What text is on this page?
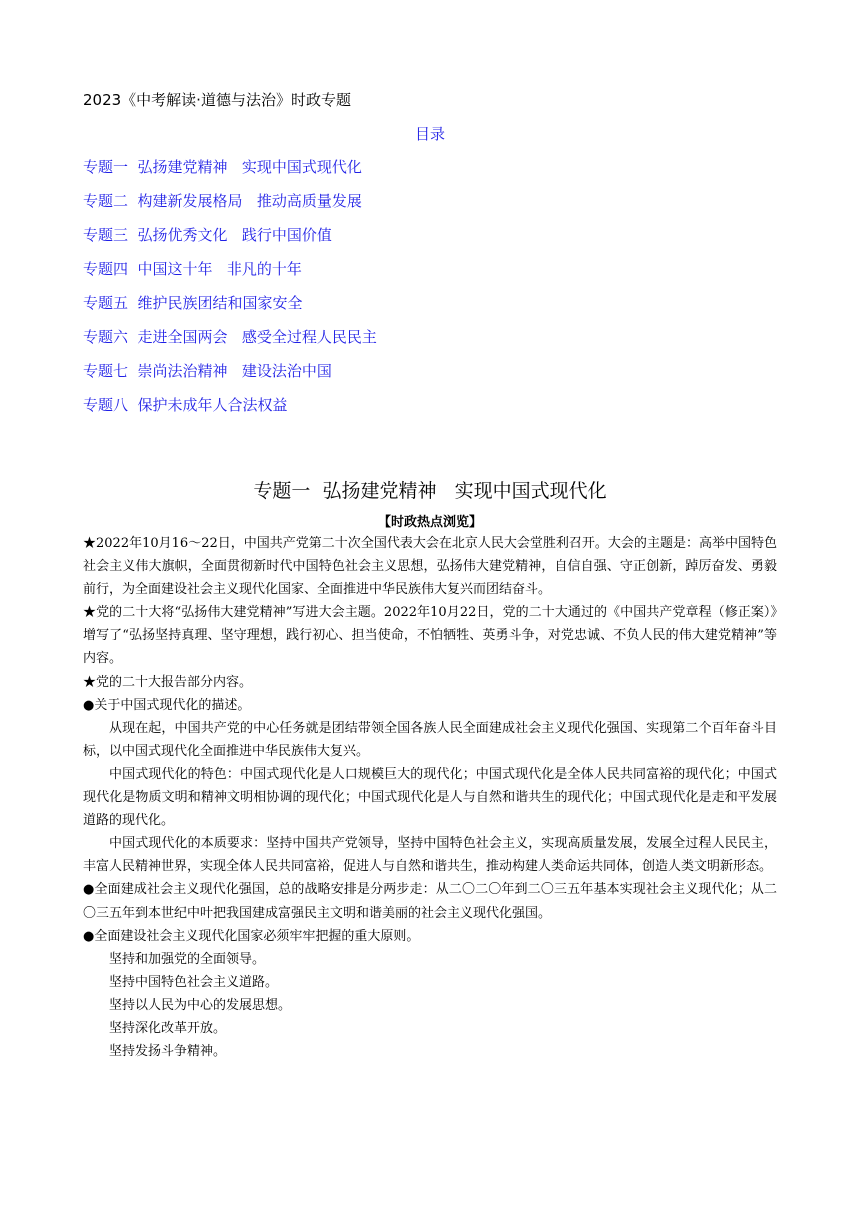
2023《中考解读·道德与法治》时政专题
目录
专题一  弘扬建党精神   实现中国式现代化
专题二  构建新发展格局   推动高质量发展
专题三  弘扬优秀文化   践行中国价值
专题四  中国这十年   非凡的十年
专题五  维护民族团结和国家安全
专题六  走进全国两会   感受全过程人民民主
专题七  崇尚法治精神   建设法治中国
专题八  保护未成年人合法权益
专题一  弘扬建党精神   实现中国式现代化
【时政热点浏览】

★2022年10月16～22日，中国共产党第二十次全国代表大会在北京人民大会堂胜利召开。大会的主题是：高举中国特色社会主义伟大旗帜，全面贯彻新时代中国特色社会主义思想，弘扬伟大建党精神，自信自强、守正创新，踔厉奋发、勇毅前行，为全面建设社会主义现代化国家、全面推进中华民族伟大复兴而团结奋斗。

★党的二十大将“弘扬伟大建党精神”写进大会主题。2022年10月22日，党的二十大通过的《中国共产党章程（修正案）》增写了“弘扬坚持真理、坚守理想，践行初心、担当使命，不怕牺牲、英勇斗争，对党忠诚、不负人民的伟大建党精神”等内容。

★党的二十大报告部分内容。

●关于中国式现代化的描述。

从现在起，中国共产党的中心任务就是团结带领全国各族人民全面建成社会主义现代化强国、实现第二个百年奋斗目标，以中国式现代化全面推进中华民族伟大复兴。

中国式现代化的特色：中国式现代化是人口规模巨大的现代化；中国式现代化是全体人民共同富裕的现代化；中国式现代化是物质文明和精神文明相协调的现代化；中国式现代化是人与自然和谐共生的现代化；中国式现代化是走和平发展道路的现代化。

中国式现代化的本质要求：坚持中国共产党领导，坚持中国特色社会主义，实现高质量发展，发展全过程人民民主，丰富人民精神世界，实现全体人民共同富裕，促进人与自然和谐共生，推动构建人类命运共同体，创造人类文明新形态。

●全面建成社会主义现代化强国，总的战略安排是分两步走：从二〇二〇年到二〇三五年基本实现社会主义现代化；从二〇三五年到本世纪中叶把我国建成富强民主文明和谐美丽的社会主义现代化强国。

●全面建设社会主义现代化国家必须牢牢把握的重大原则。

坚持和加强党的全面领导。

坚持中国特色社会主义道路。

坚持以人民为中心的发展思想。

坚持深化改革开放。

坚持发扬斗争精神。
